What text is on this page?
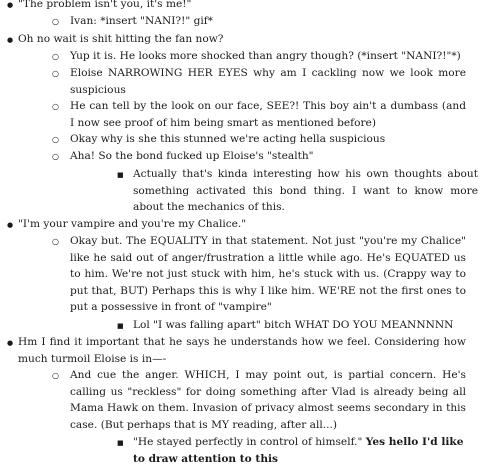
●
"The problem isn't you, it's me!"
○
Ivan: *insert "NANI?!" gif*
●
Oh no wait is shit hitting the fan now?
○
Yup it is. He looks more shocked than angry though? (*insert "NANI?!"*)
○
Eloise NARROWING HER EYES why am I cackling now we look more suspicious
○
He can tell by the look on our face, SEE?! This boy ain't a dumbass (and I now see proof of him being smart as mentioned before)
○
Okay why is she this stunned we're acting hella suspicious
○
Aha! So the bond fucked up Eloise's "stealth"
■
Actually that's kinda interesting how his own thoughts about something activated this bond thing. I want to know more about the mechanics of this.
●
"I'm your vampire and you're my Chalice."
○
Okay but. The EQUALITY in that statement. Not just "you're my Chalice" like he said out of anger/frustration a little while ago. He's EQUATED us to him. We're not just stuck with him, he's stuck with us. (Crappy way to put that, BUT) Perhaps this is why I like him. WE'RE not the first ones to put a possessive in front of "vampire"
■
Lol "I was falling apart" bitch WHAT DO YOU MEANNNNN
●
Hm I find it important that he says he understands how we feel. Considering how much turmoil Eloise is in—-
○
And cue the anger. WHICH, I may point out, is partial concern. He's calling us "reckless" for doing something after Vlad is already being all Mama Hawk on them. Invasion of privacy almost seems secondary in this case. (But perhaps that is MY reading, after all...)
■
"He stayed perfectly in control of himself." Yes hello I'd like to draw attention to this
